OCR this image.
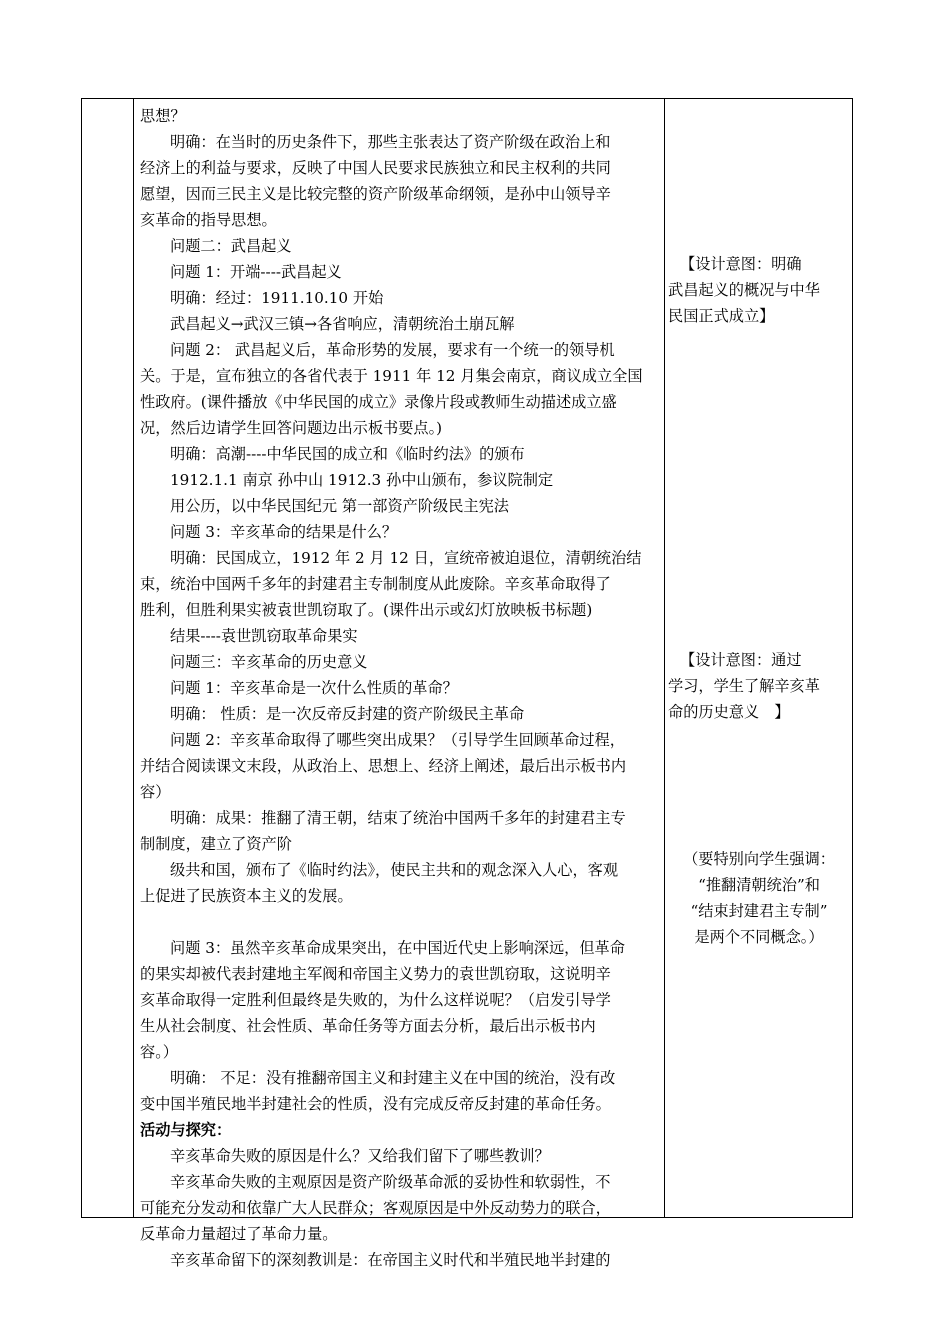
思想？
明确：在当时的历史条件下，那些主张表达了资产阶级在政治上和
经济上的利益与要求，反映了中国人民要求民族独立和民主权利的共同
愿望，因而三民主义是比较完整的资产阶级革命纲领，是孙中山领导辛
亥革命的指导思想。
问题二：武昌起义
问题 1：开端----武昌起义
明确：经过：1911.10.10 开始
武昌起义→武汉三镇→各省响应，清朝统治土崩瓦解
问题 2： 武昌起义后，革命形势的发展，要求有一个统一的领导机
关。于是，宣布独立的各省代表于 1911 年 12 月集会南京，商议成立全国
性政府。(课件播放《中华民国的成立》录像片段或教师生动描述成立盛
况，然后边请学生回答问题边出示板书要点。)
明确：高潮----中华民国的成立和《临时约法》的颁布
1912.1.1 南京 孙中山 1912.3 孙中山颁布，参议院制定
用公历，以中华民国纪元 第一部资产阶级民主宪法
问题 3：辛亥革命的结果是什么？
明确：民国成立，1912 年 2 月 12 日，宣统帝被迫退位，清朝统治结
束，统治中国两千多年的封建君主专制制度从此废除。辛亥革命取得了
胜利，但胜利果实被袁世凯窃取了。(课件出示或幻灯放映板书标题)
结果----袁世凯窃取革命果实
问题三：辛亥革命的历史意义
问题 1：辛亥革命是一次什么性质的革命？
明确： 性质：是一次反帝反封建的资产阶级民主革命
问题 2：辛亥革命取得了哪些突出成果？（引导学生回顾革命过程，
并结合阅读课文末段，从政治上、思想上、经济上阐述，最后出示板书内
容）
明确：成果：推翻了清王朝，结束了统治中国两千多年的封建君主专
制制度，建立了资产阶
级共和国，颁布了《临时约法》，使民主共和的观念深入人心，客观
上促进了民族资本主义的发展。
问题 3：虽然辛亥革命成果突出，在中国近代史上影响深远，但革命
的果实却被代表封建地主军阀和帝国主义势力的袁世凯窃取，这说明辛
亥革命取得一定胜利但最终是失败的，为什么这样说呢？（启发引导学
生从社会制度、社会性质、革命任务等方面去分析，最后出示板书内
容。）
明确： 不足：没有推翻帝国主义和封建主义在中国的统治，没有改
变中国半殖民地半封建社会的性质，没有完成反帝反封建的革命任务。
活动与探究：
辛亥革命失败的原因是什么？又给我们留下了哪些教训？
辛亥革命失败的主观原因是资产阶级革命派的妥协性和软弱性，不
可能充分发动和依靠广大人民群众；客观原因是中外反动势力的联合，
反革命力量超过了革命力量。
辛亥革命留下的深刻教训是：在帝国主义时代和半殖民地半封建的
【设计意图：明确
武昌起义的概况与中华
民国正式成立】
【设计意图：通过
学习，学生了解辛亥革
命的历史意义　】
（要特别向学生强调：
“推翻清朝统治”和
“结束封建君主专制”
是两个不同概念。）
